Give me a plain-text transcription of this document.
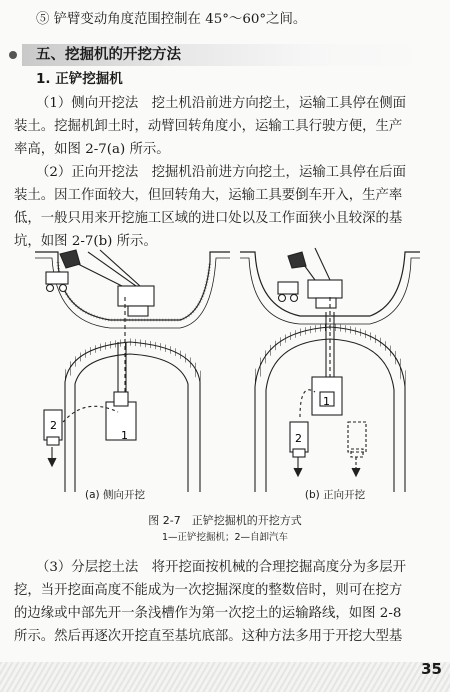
⑤ 铲臂变动角度范围控制在 45°～60°之间。
五、挖掘机的开挖方法
1. 正铲挖掘机
（1）侧向开挖法　挖土机沿前进方向挖土，运输工具停在侧面
装土。挖掘机卸土时，动臂回转角度小，运输工具行驶方便，生产
率高，如图 2-7(a) 所示。
（2）正向开挖法　挖掘机沿前进方向挖土，运输工具停在后面
装土。因工作面较大，但回转角大，运输工具要倒车开入，生产率
低，一般只用来开挖施工区域的进口处以及工作面狭小且较深的基
坑，如图 2-7(b) 所示。
1
2
1
2
(a) 侧向开挖	(b) 正向开挖
图 2-7　正铲挖掘机的开挖方式
1—正铲挖掘机；2—自卸汽车
（3）分层挖土法　将开挖面按机械的合理挖掘高度分为多层开
挖，当开挖面高度不能成为一次挖掘深度的整数倍时，则可在挖方
的边缘或中部先开一条浅槽作为第一次挖土的运输路线，如图 2-8
所示。然后再逐次开挖直至基坑底部。这种方法多用于开挖大型基
35
